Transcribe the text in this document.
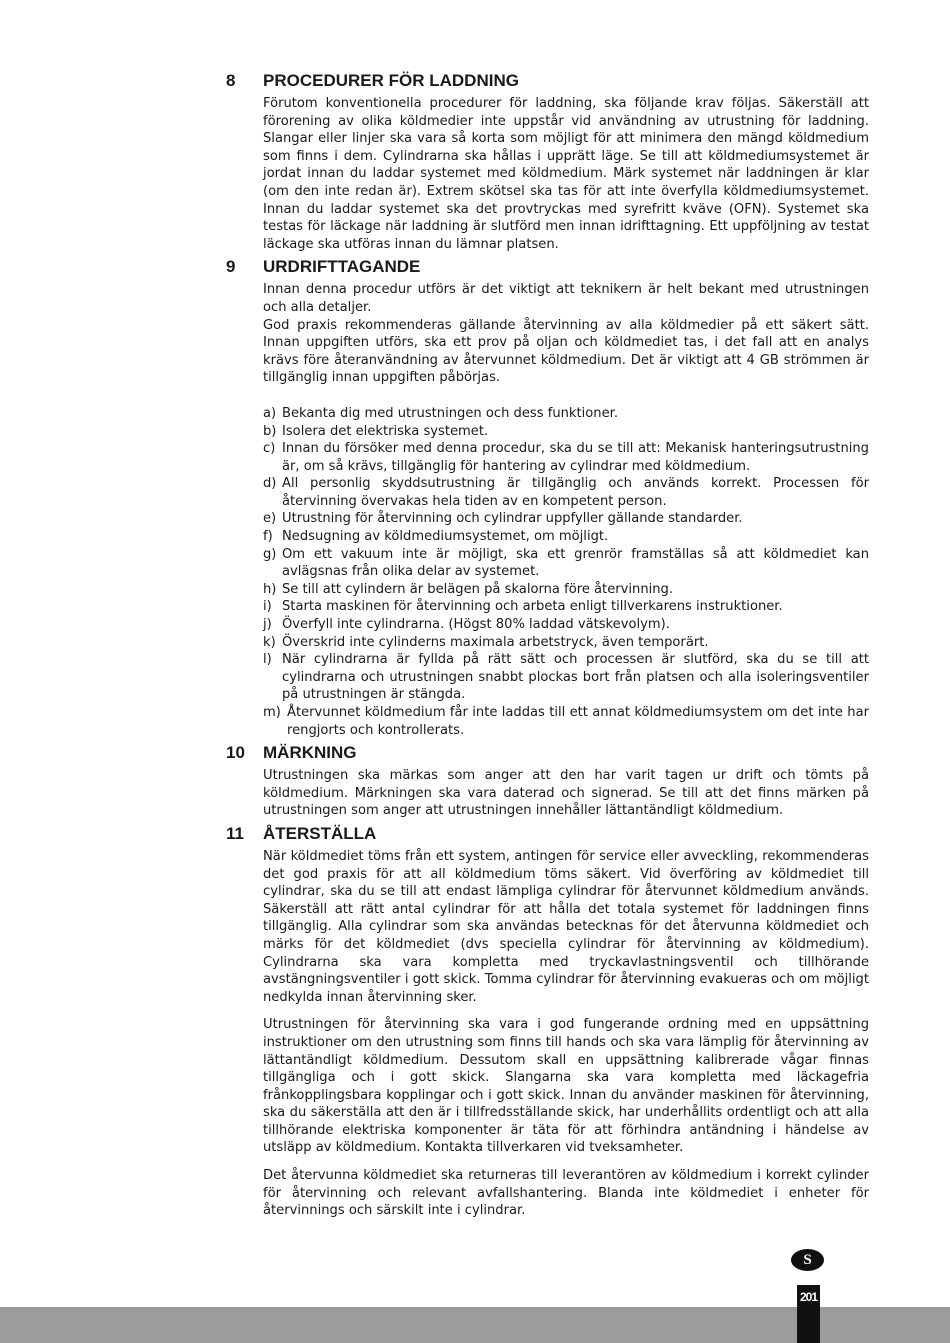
8 PROCEDURER FÖR LADDNING

Förutom konventionella procedurer för laddning, ska följande krav följas. Säkerställ att förorening av olika köldmedier inte uppstår vid användning av utrustning för laddning. Slangar eller linjer ska vara så korta som möjligt för att minimera den mängd köldmedium som finns i dem. Cylindrarna ska hållas i upprätt läge. Se till att köldmediumsystemet är jordat innan du laddar systemet med köldmedium. Märk systemet när laddningen är klar (om den inte redan är). Extrem skötsel ska tas för att inte överfylla köldmediumsystemet. Innan du laddar systemet ska det provtryckas med syrefritt kväve (OFN). Systemet ska testas för läckage när laddning är slutförd men innan idrifttagning. Ett uppföljning av testat läckage ska utföras innan du lämnar platsen.

9 URDRIFTTAGANDE

Innan denna procedur utförs är det viktigt att teknikern är helt bekant med utrustningen och alla detaljer.

God praxis rekommenderas gällande återvinning av alla köldmedier på ett säkert sätt. Innan uppgiften utförs, ska ett prov på oljan och köldmediet tas, i det fall att en analys krävs före återanvändning av återvunnet köldmedium. Det är viktigt att 4 GB strömmen är tillgänglig innan uppgiften påbörjas.

a) Bekanta dig med utrustningen och dess funktioner.
b) Isolera det elektriska systemet.
c) Innan du försöker med denna procedur, ska du se till att: Mekanisk hanteringsutrustning är, om så krävs, tillgänglig för hantering av cylindrar med köldmedium.
d) All personlig skyddsutrustning är tillgänglig och används korrekt. Processen för återvinning övervakas hela tiden av en kompetent person.
e) Utrustning för återvinning och cylindrar uppfyller gällande standarder.
f) Nedsugning av köldmediumsystemet, om möjligt.
g) Om ett vakuum inte är möjligt, ska ett grenrör framställas så att köldmediet kan avlägsnas från olika delar av systemet.
h) Se till att cylindern är belägen på skalorna före återvinning.
i) Starta maskinen för återvinning och arbeta enligt tillverkarens instruktioner.
j) Överfyll inte cylindrarna. (Högst 80% laddad vätskevolym).
k) Överskrid inte cylinderns maximala arbetstryck, även temporärt.
l) När cylindrarna är fyllda på rätt sätt och processen är slutförd, ska du se till att cylindrarna och utrustningen snabbt plockas bort från platsen och alla isoleringsventiler på utrustningen är stängda.
m) Återvunnet köldmedium får inte laddas till ett annat köldmediumsystem om det inte har rengjorts och kontrollerats.
10 MÄRKNING

Utrustningen ska märkas som anger att den har varit tagen ur drift och tömts på köldmedium. Märkningen ska vara daterad och signerad. Se till att det finns märken på utrustningen som anger att utrustningen innehåller lättantändligt köldmedium.

11 ÅTERSTÄLLA

När köldmediet töms från ett system, antingen för service eller avveckling, rekommenderas det god praxis för att all köldmedium töms säkert. Vid överföring av köldmediet till cylindrar, ska du se till att endast lämpliga cylindrar för återvunnet köldmedium används. Säkerställ att rätt antal cylindrar för att hålla det totala systemet för laddningen finns tillgänglig. Alla cylindrar som ska användas betecknas för det återvunna köldmediet och märks för det köldmediet (dvs speciella cylindrar för återvinning av köldmedium). Cylindrarna ska vara kompletta med tryckavlastningsventil och tillhörande avstängningsventiler i gott skick. Tomma cylindrar för återvinning evakueras och om möjligt nedkylda innan återvinning sker.

Utrustningen för återvinning ska vara i god fungerande ordning med en uppsättning instruktioner om den utrustning som finns till hands och ska vara lämplig för återvinning av lättantändligt köldmedium. Dessutom skall en uppsättning kalibrerade vågar finnas tillgängliga och i gott skick. Slangarna ska vara kompletta med läckagefria frånkopplingsbara kopplingar och i gott skick. Innan du använder maskinen för återvinning, ska du säkerställa att den är i tillfredsställande skick, har underhållits ordentligt och att alla tillhörande elektriska komponenter är täta för att förhindra antändning i händelse av utsläpp av köldmedium. Kontakta tillverkaren vid tveksamheter.

Det återvunna köldmediet ska returneras till leverantören av köldmedium i korrekt cylinder för återvinning och relevant avfallshantering. Blanda inte köldmediet i enheter för återvinnings och särskilt inte i cylindrar.

S
201
